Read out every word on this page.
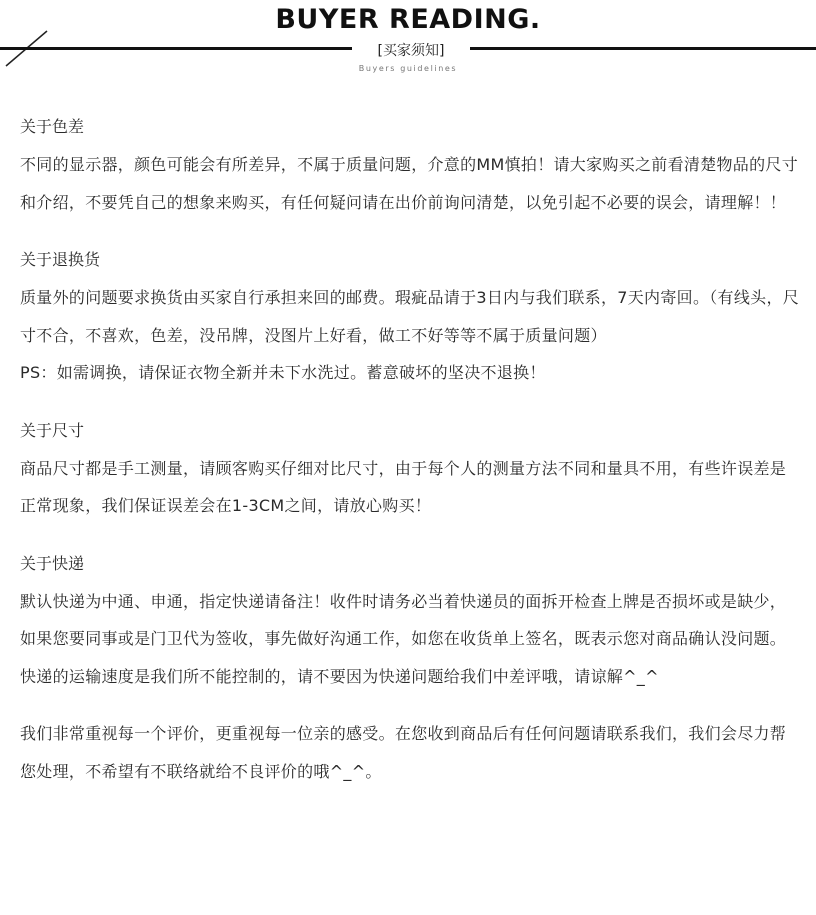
BUYER READING.
[买家须知]
Buyers guidelines
关于色差
不同的显示器，颜色可能会有所差异，不属于质量问题，介意的MM慎拍！请大家购买之前看清楚物品的尺寸和介绍，不要凭自己的想象来购买，有任何疑问请在出价前询问清楚，以免引起不必要的误会，请理解！！
关于退换货
质量外的问题要求换货由买家自行承担来回的邮费。瑕疵品请于3日内与我们联系，7天内寄回。（有线头，尺寸不合，不喜欢，色差，没吊牌，没图片上好看，做工不好等等不属于质量问题）
PS：如需调换，请保证衣物全新并未下水洗过。蓄意破坏的坚决不退换！
关于尺寸
商品尺寸都是手工测量，请顾客购买仔细对比尺寸，由于每个人的测量方法不同和量具不用，有些许误差是正常现象，我们保证误差会在1-3CM之间，请放心购买！
关于快递
默认快递为中通、申通，指定快递请备注！收件时请务必当着快递员的面拆开检查上牌是否损坏或是缺少，如果您要同事或是门卫代为签收，事先做好沟通工作，如您在收货单上签名，既表示您对商品确认没问题。快递的运输速度是我们所不能控制的，请不要因为快递问题给我们中差评哦，请谅解^_^
我们非常重视每一个评价，更重视每一位亲的感受。在您收到商品后有任何问题请联系我们，我们会尽力帮您处理，不希望有不联络就给不良评价的哦^_^。
